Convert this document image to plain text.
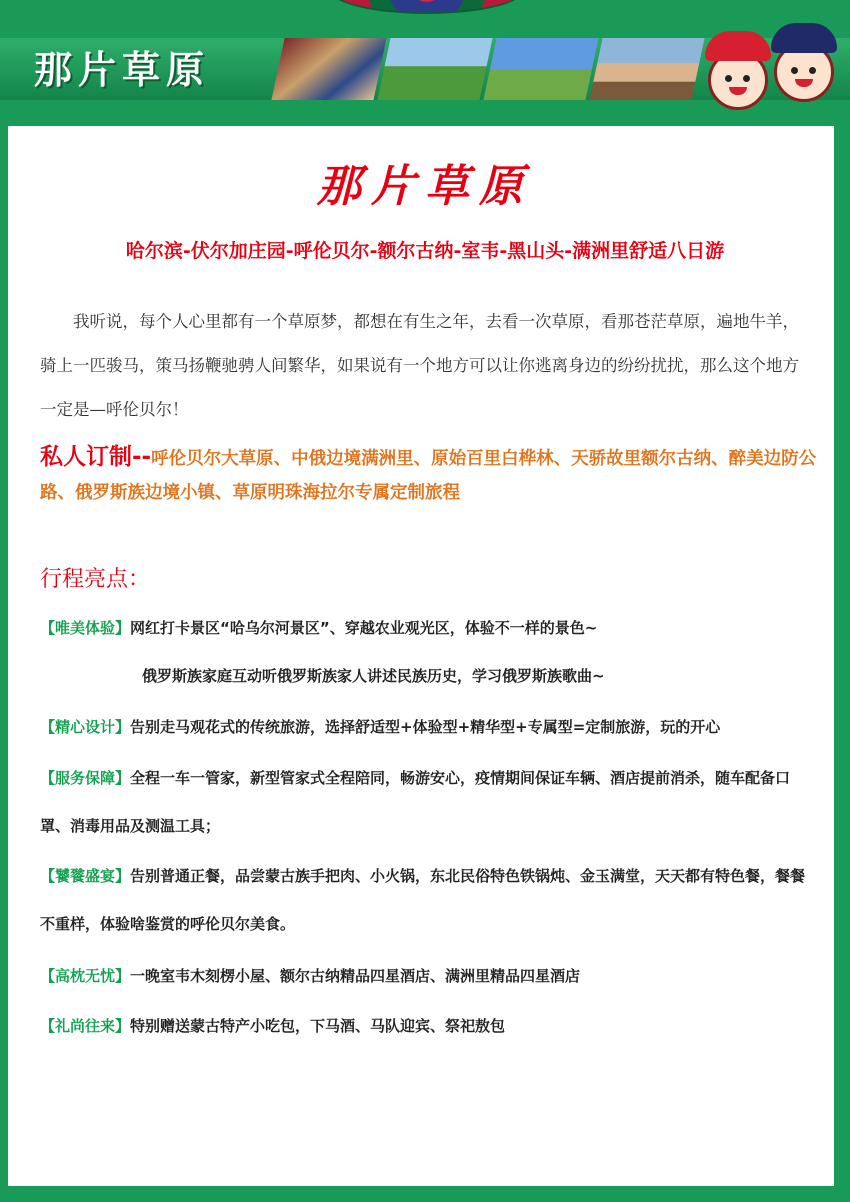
那片草原
那片草原
哈尔滨-伏尔加庄园-呼伦贝尔-额尔古纳-室韦-黑山头-满洲里舒适八日游
我听说，每个人心里都有一个草原梦，都想在有生之年，去看一次草原，看那苍茫草原，遍地牛羊，骑上一匹骏马，策马扬鞭驰骋人间繁华，如果说有一个地方可以让你逃离身边的纷纷扰扰，那么这个地方一定是—呼伦贝尔！
私人订制--呼伦贝尔大草原、中俄边境满洲里、原始百里白桦林、天骄故里额尔古纳、醉美边防公路、俄罗斯族边境小镇、草原明珠海拉尔专属定制旅程
行程亮点：
【唯美体验】网红打卡景区“哈乌尔河景区”、穿越农业观光区，体验不一样的景色~
俄罗斯族家庭互动听俄罗斯族家人讲述民族历史，学习俄罗斯族歌曲~
【精心设计】告别走马观花式的传统旅游，选择舒适型+体验型+精华型+专属型=定制旅游，玩的开心
【服务保障】全程一车一管家，新型管家式全程陪同，畅游安心，疫情期间保证车辆、酒店提前消杀，随车配备口罩、消毒用品及测温工具；
【饕餮盛宴】告别普通正餐，品尝蒙古族手把肉、小火锅，东北民俗特色铁锅炖、金玉满堂，天天都有特色餐，餐餐不重样，体验啥鉴赏的呼伦贝尔美食。
【高枕无忧】一晚室韦木刻楞小屋、额尔古纳精品四星酒店、满洲里精品四星酒店
【礼尚往来】特别赠送蒙古特产小吃包，下马酒、马队迎宾、祭祀敖包
